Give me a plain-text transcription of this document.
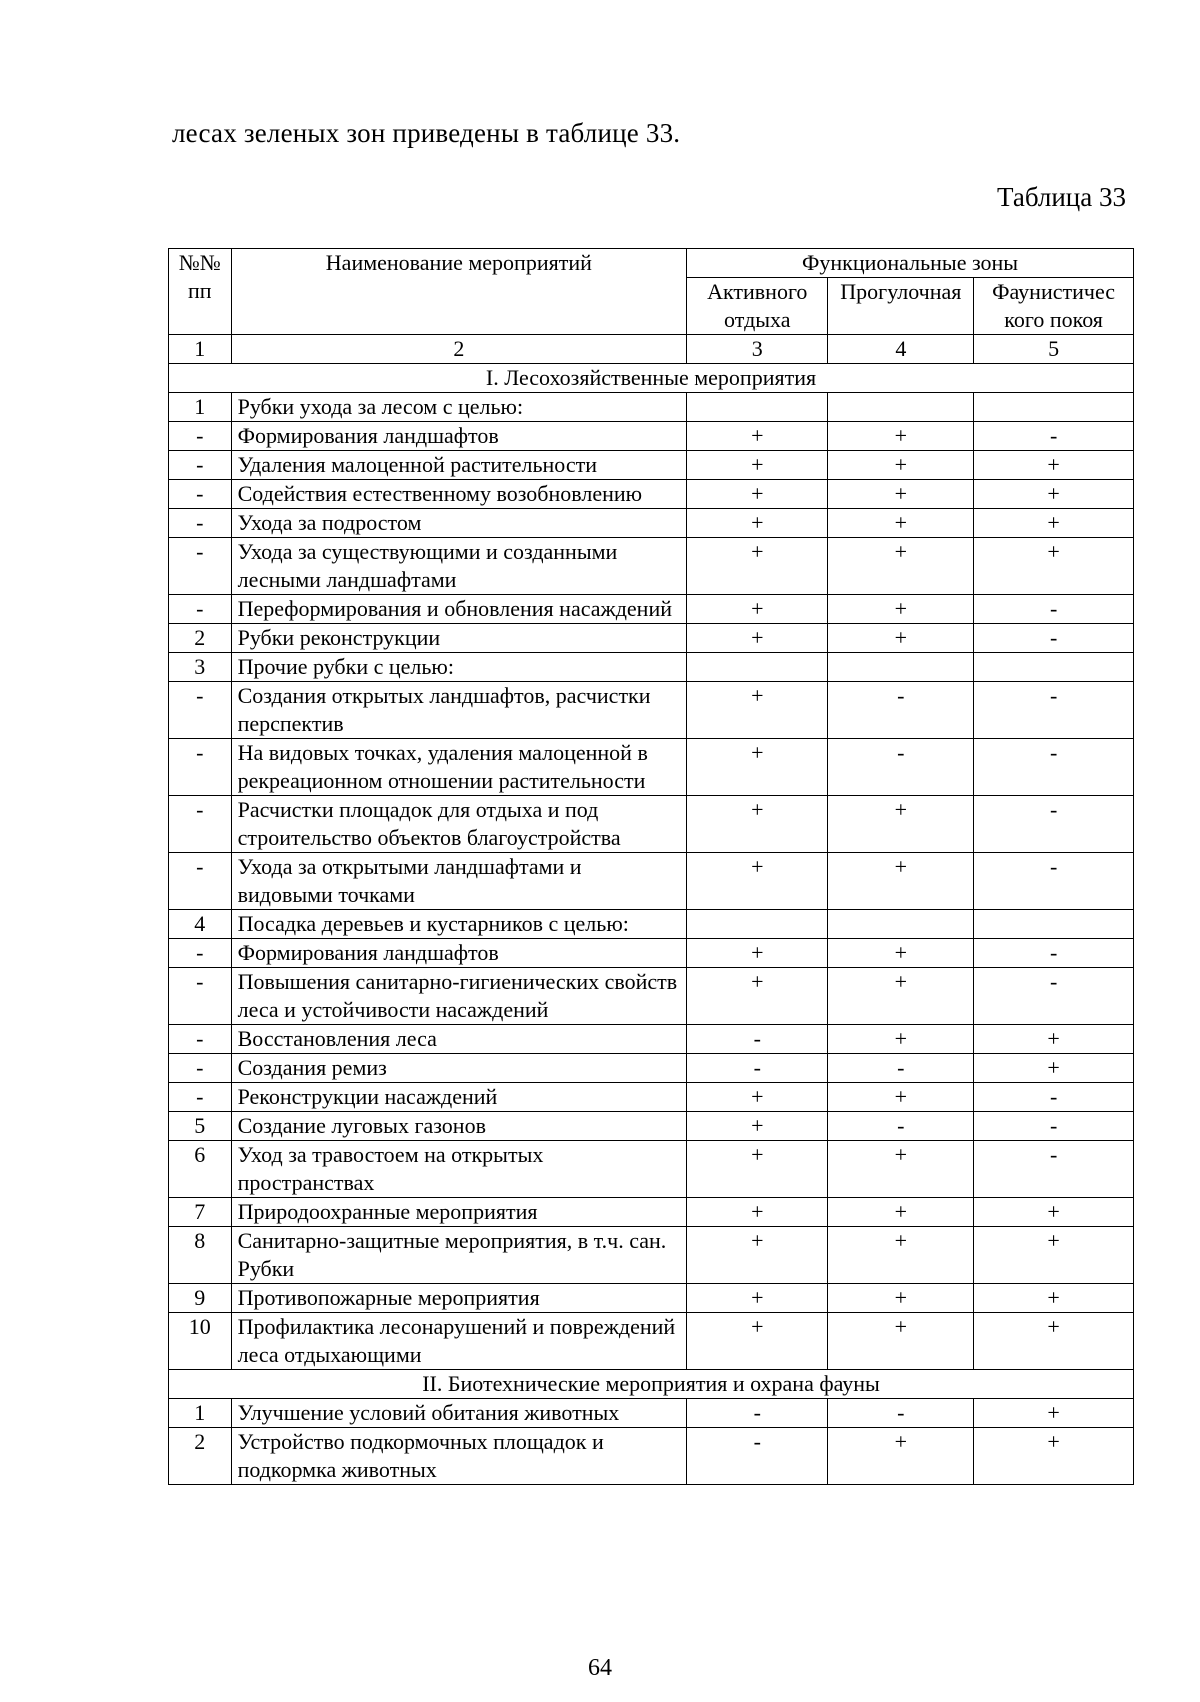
лесах зеленых зон приведены в таблице 33.
Таблица 33
№№ пп	Наименование мероприятий	Функциональные зоны		
		Активного отдыха	Прогулочная	Фаунистичес кого покоя
1	2	3	4	5
I. Лесохозяйственные мероприятия				
1	Рубки ухода за лесом с целью:			
-	Формирования ландшафтов	+	+	-
-	Удаления малоценной растительности	+	+	+
-	Содействия естественному возобновлению	+	+	+
-	Ухода за подростом	+	+	+
-	Ухода за существующими и созданными лесными ландшафтами	+	+	+
-	Переформирования и обновления насаждений	+	+	-
2	Рубки реконструкции	+	+	-
3	Прочие рубки с целью:			
-	Создания открытых ландшафтов, расчистки перспектив	+	-	-
-	На видовых точках, удаления малоценной в рекреационном отношении растительности	+	-	-
-	Расчистки площадок для отдыха и под строительство объектов благоустройства	+	+	-
-	Ухода за открытыми ландшафтами и видовыми точками	+	+	-
4	Посадка деревьев и кустарников с целью:			
-	Формирования ландшафтов	+	+	-
-	Повышения санитарно-гигиенических свойств леса и устойчивости насаждений	+	+	-
-	Восстановления леса	-	+	+
-	Создания ремиз	-	-	+
-	Реконструкции насаждений	+	+	-
5	Создание луговых газонов	+	-	-
6	Уход за травостоем на открытых пространствах	+	+	-
7	Природоохранные мероприятия	+	+	+
8	Санитарно-защитные мероприятия, в т.ч. сан. Рубки	+	+	+
9	Противопожарные мероприятия	+	+	+
10	Профилактика лесонарушений и повреждений леса отдыхающими	+	+	+
II. Биотехнические мероприятия и охрана фауны				
1	Улучшение условий обитания животных	-	-	+
2	Устройство подкормочных площадок и подкормка животных	-	+	+
64
